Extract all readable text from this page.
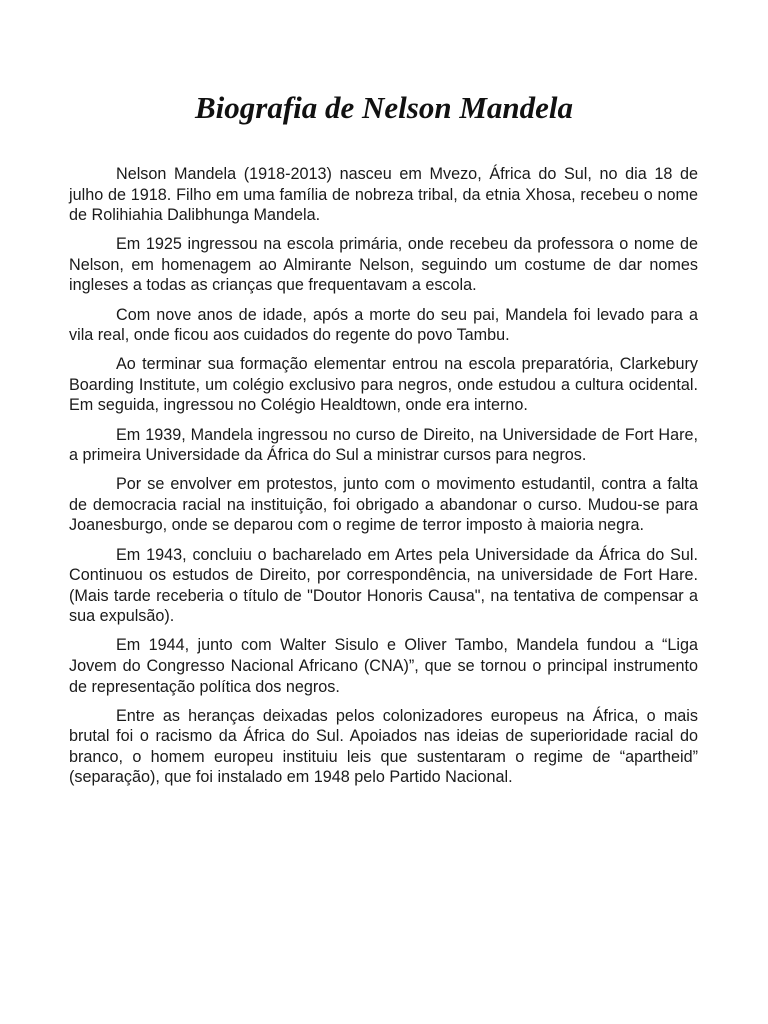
Biografia de Nelson Mandela

Nelson Mandela (1918-2013) nasceu em Mvezo, África do Sul, no dia 18 de julho de 1918. Filho em uma família de nobreza tribal, da etnia Xhosa, recebeu o nome de Rolihiahia Dalibhunga Mandela.

Em 1925 ingressou na escola primária, onde recebeu da professora o nome de Nelson, em homenagem ao Almirante Nelson, seguindo um costume de dar nomes ingleses a todas as crianças que frequentavam a escola.

Com nove anos de idade, após a morte do seu pai, Mandela foi levado para a vila real, onde ficou aos cuidados do regente do povo Tambu.

Ao terminar sua formação elementar entrou na escola preparatória, Clarkebury Boarding Institute, um colégio exclusivo para negros, onde estudou a cultura ocidental. Em seguida, ingressou no Colégio Healdtown, onde era interno.

Em 1939, Mandela ingressou no curso de Direito, na Universidade de Fort Hare, a primeira Universidade da África do Sul a ministrar cursos para negros.

Por se envolver em protestos, junto com o movimento estudantil, contra a falta de democracia racial na instituição, foi obrigado a abandonar o curso. Mudou-se para Joanesburgo, onde se deparou com o regime de terror imposto à maioria negra.

Em 1943, concluiu o bacharelado em Artes pela Universidade da África do Sul. Continuou os estudos de Direito, por correspondência, na universidade de Fort Hare. (Mais tarde receberia o título de "Doutor Honoris Causa", na tentativa de compensar a sua expulsão).

Em 1944, junto com Walter Sisulo e Oliver Tambo, Mandela fundou a “Liga Jovem do Congresso Nacional Africano (CNA)”, que se tornou o principal instrumento de representação política dos negros.

Entre as heranças deixadas pelos colonizadores europeus na África, o mais brutal foi o racismo da África do Sul. Apoiados nas ideias de superioridade racial do branco, o homem europeu instituiu leis que sustentaram o regime de “apartheid” (separação), que foi instalado em 1948 pelo Partido Nacional.
